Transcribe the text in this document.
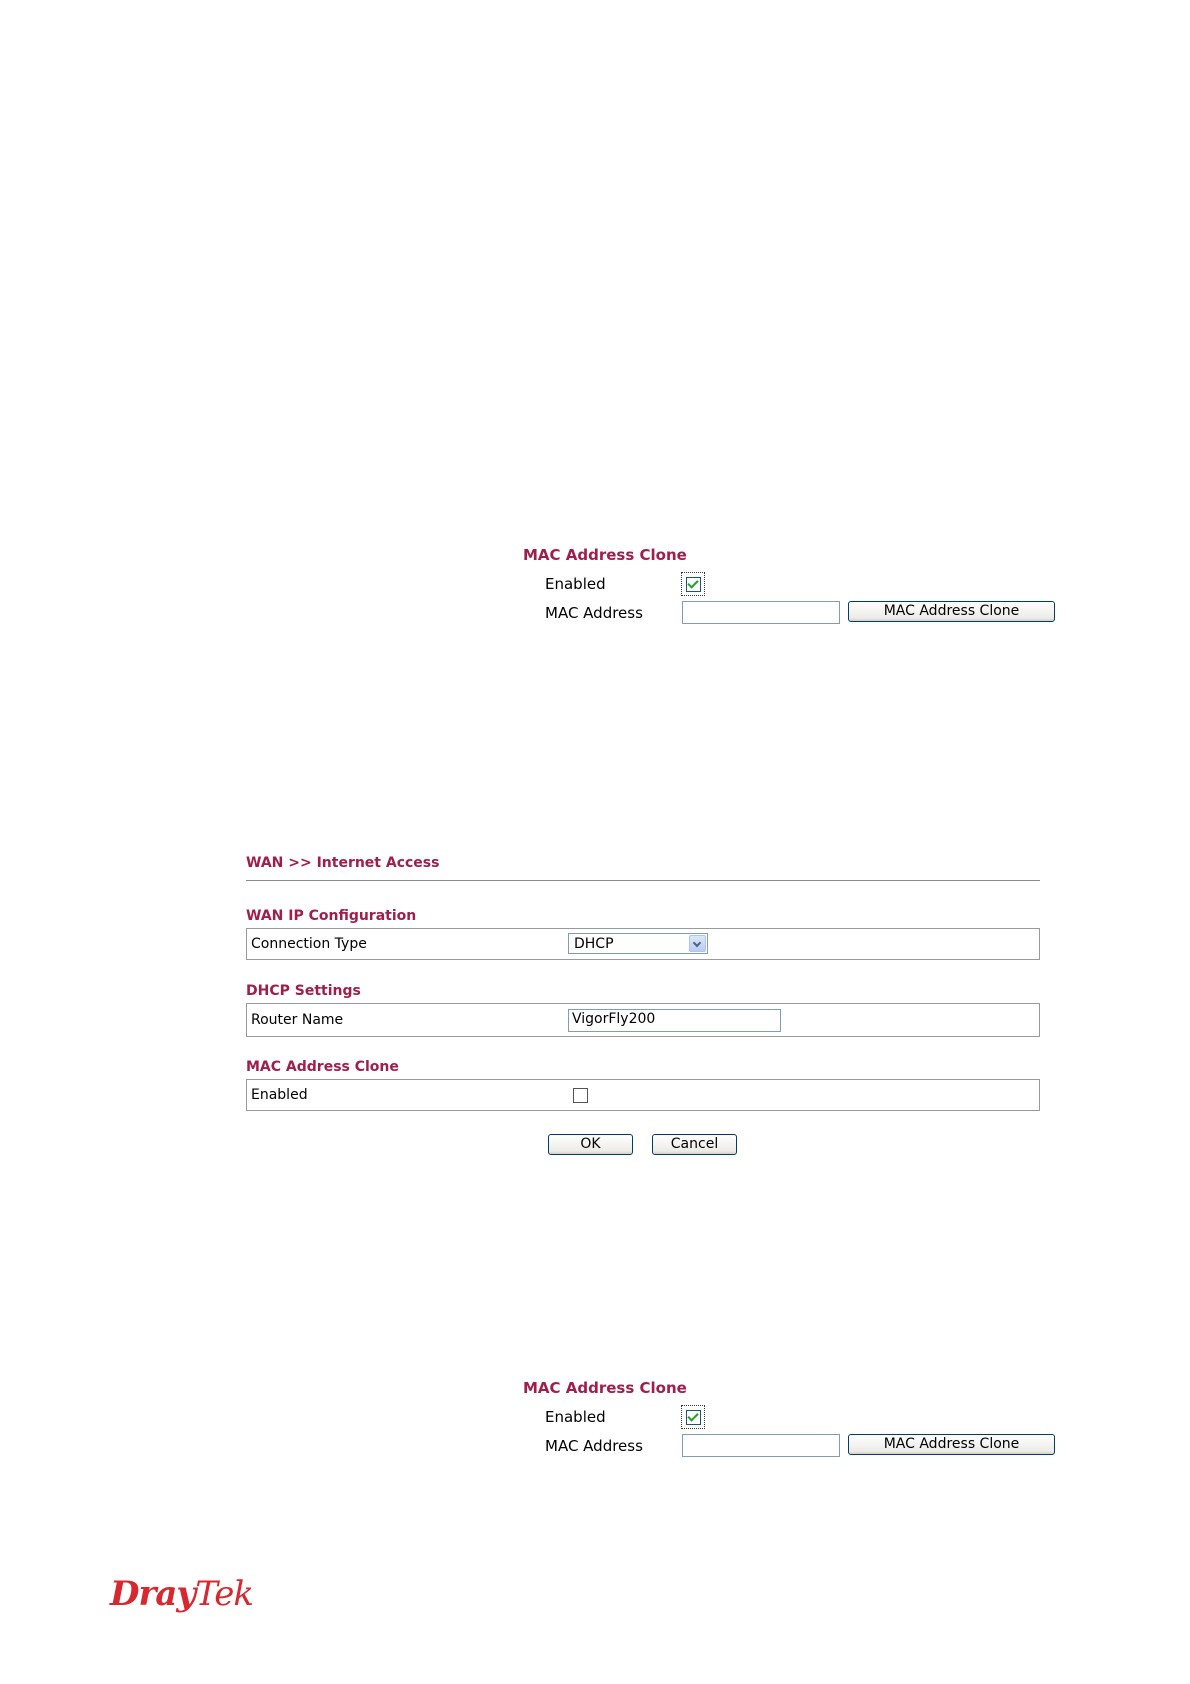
MAC Address Clone
Enabled
MAC Address	MAC Address Clone
WAN >> Internet Access
WAN IP Configuration
Connection Type	DHCP
DHCP Settings
Router Name	VigorFly200
MAC Address Clone
Enabled
OK	Cancel
MAC Address Clone
Enabled
MAC Address	MAC Address Clone
DrayTek
